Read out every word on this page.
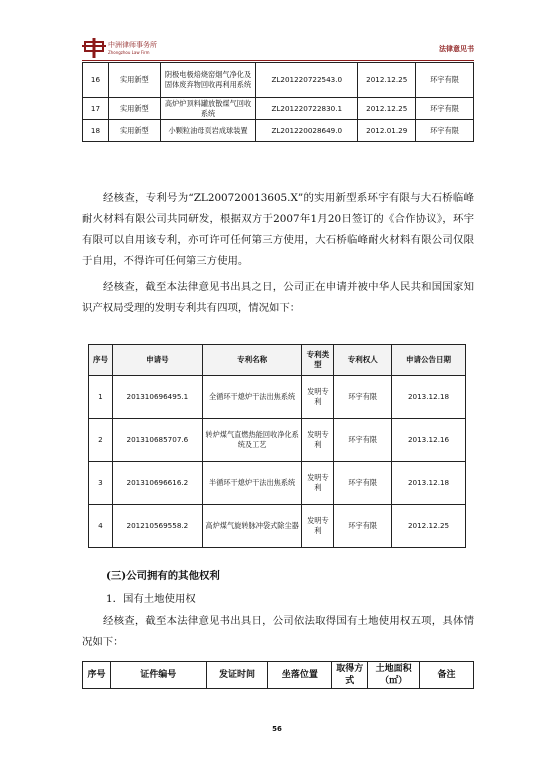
中洲律师事务所
Zhongzhou Law Firm	法律意见书
16	实用新型	阴极电极焙烧窑烟气净化及固体废弃物回收再利用系统	ZL201220722543.0	2012.12.25	环宇有限
17	实用新型	高炉炉顶料罐放散煤气回收系统	ZL201220722830.1	2012.12.25	环宇有限
18	实用新型	小颗粒油母页岩成球装置	ZL201220028649.0	2012.01.29	环宇有限

经核查，专利号为“ZL200720013605.X”的实用新型系环宇有限与大石桥临峰耐火材料有限公司共同研发，根据双方于2007年1月20日签订的《合作协议》，环宇有限可以自用该专利，亦可许可任何第三方使用，大石桥临峰耐火材料有限公司仅限于自用，不得许可任何第三方使用。

经核查，截至本法律意见书出具之日，公司正在申请并被中华人民共和国国家知识产权局受理的发明专利共有四项，情况如下：

序号	申请号	专利名称	专利类型	专利权人	申请公告日期
1	201310696495.1	全循环干熄炉干法出焦系统	发明专利	环宇有限	2013.12.18
2	201310685707.6	转炉煤气直燃热能回收净化系统及工艺	发明专利	环宇有限	2013.12.16
3	201310696616.2	半循环干熄炉干法出焦系统	发明专利	环宇有限	2013.12.18
4	201210569558.2	高炉煤气旋转脉冲袋式除尘器	发明专利	环宇有限	2012.12.25
(三)公司拥有的其他权利
1．国有土地使用权

经核查，截至本法律意见书出具日，公司依法取得国有土地使用权五项，具体情况如下：

序号	证件编号	发证时间	坐落位置	取得方式	土地面积（㎡）	备注
56
